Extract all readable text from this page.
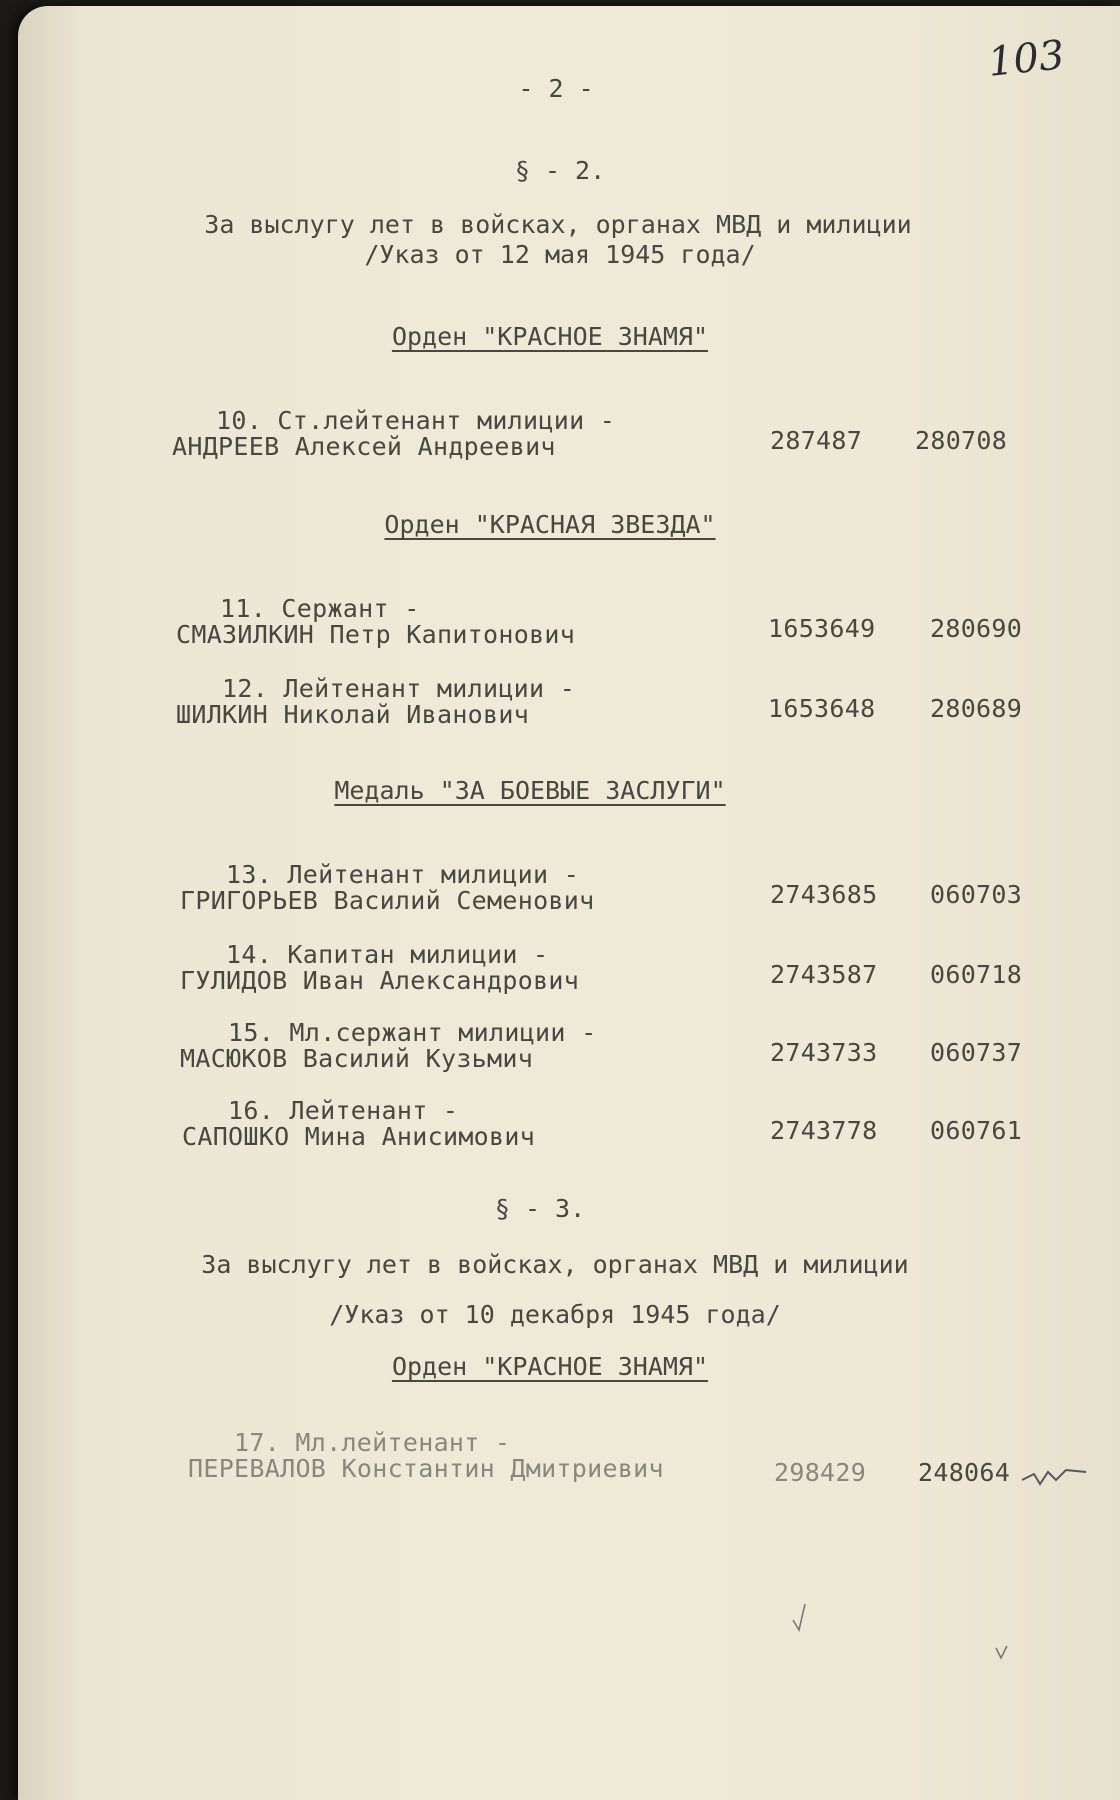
103
- 2 -
§ - 2.
За выслугу лет в войсках, органах МВД и милиции
/Указ от 12 мая 1945 года/
Орден "КРАСНОЕ ЗНАМЯ"
10. Ст.лейтенант милиции -
АНДРЕЕВ Алексей Андреевич	287487 280708
Орден "КРАСНАЯ ЗВЕЗДА"
11. Сержант -
СМАЗИЛКИН Петр Капитонович	1653649 280690
12. Лейтенант милиции -
ШИЛКИН Николай Иванович	1653648 280689
Медаль "ЗА БОЕВЫЕ ЗАСЛУГИ"
13. Лейтенант милиции -
ГРИГОРЬЕВ Василий Семенович	2743685 060703
14. Капитан милиции -
ГУЛИДОВ Иван Александрович	2743587 060718
15. Мл.сержант милиции -
МАСЮКОВ Василий Кузьмич	2743733 060737
16. Лейтенант -
САПОШКО Мина Анисимович	2743778 060761
§ - 3.
За выслугу лет в войсках, органах МВД и милиции
/Указ от 10 декабря 1945 года/
Орден "КРАСНОЕ ЗНАМЯ"
17. Мл.лейтенант -
ПЕРЕВАЛОВ Константин Дмитриевич	298429 248064
